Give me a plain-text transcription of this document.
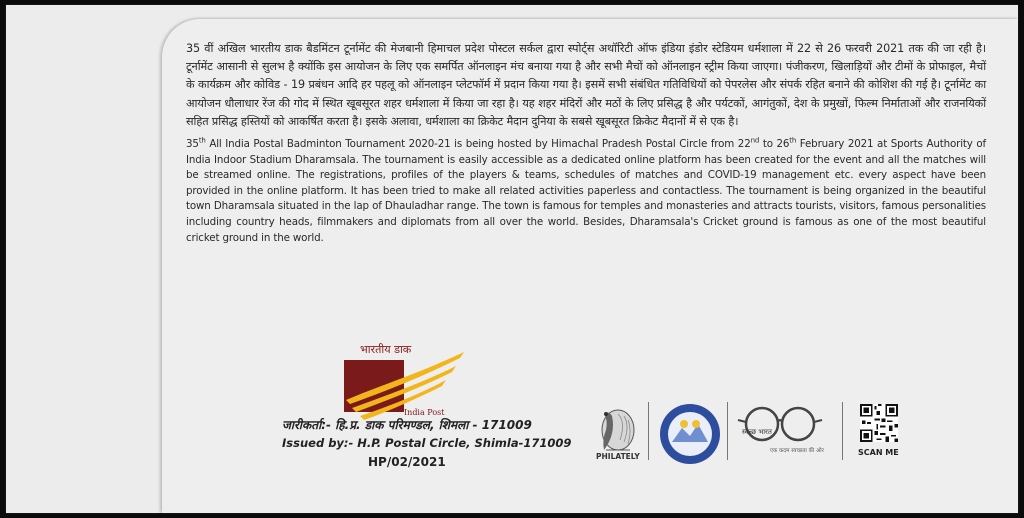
35 वीं अखिल भारतीय डाक बैडमिंटन टूर्नामेंट की मेजबानी हिमाचल प्रदेश पोस्टल सर्कल द्वारा स्पोर्ट्स अथॉरिटी ऑफ इंडिया इंडोर स्टेडियम धर्मशाला में 22 से 26 फरवरी 2021 तक की जा रही है। टूर्नामेंट आसानी से सुलभ है क्योंकि इस आयोजन के लिए एक समर्पित ऑनलाइन मंच बनाया गया है और सभी मैचों को ऑनलाइन स्ट्रीम किया जाएगा। पंजीकरण, खिलाड़ियों और टीमों के प्रोफाइल, मैचों के कार्यक्रम और कोविड - 19 प्रबंधन आदि हर पहलू को ऑनलाइन प्लेटफॉर्म में प्रदान किया गया है। इसमें सभी संबंधित गतिविधियों को पेपरलेस और संपर्क रहित बनाने की कोशिश की गई है। टूर्नामेंट का आयोजन धौलाधार रेंज की गोद में स्थित खूबसूरत शहर धर्मशाला में किया जा रहा है। यह शहर मंदिरों और मठों के लिए प्रसिद्ध है और पर्यटकों, आगंतुकों, देश के प्रमुखों, फिल्म निर्माताओं और राजनयिकों सहित प्रसिद्ध हस्तियों को आकर्षित करता है। इसके अलावा, धर्मशाला का क्रिकेट मैदान दुनिया के सबसे खूबसूरत क्रिकेट मैदानों में से एक है।

35th All India Postal Badminton Tournament 2020-21 is being hosted by Himachal Pradesh Postal Circle from 22nd to 26th February 2021 at Sports Authority of India Indoor Stadium Dharamsala. The tournament is easily accessible as a dedicated online platform has been created for the event and all the matches will be streamed online. The registrations, profiles of the players & teams, schedules of matches and COVID-19 management etc. every aspect have been provided in the online platform. It has been tried to make all related activities paperless and contactless. The tournament is being organized in the beautiful town Dharamsala situated in the lap of Dhauladhar range. The town is famous for temples and monasteries and attracts tourists, visitors, famous personalities including country heads, filmmakers and diplomats from all over the world. Besides, Dharamsala's Cricket ground is famous as one of the most beautiful cricket ground in the world.

भारतीय डाक
India Post
जारीकर्ता:- हि.प्र. डाक परिमण्डल, शिमला - 171009
Issued by:- H.P. Postal Circle, Shimla-171009
HP/02/2021	PHILATELY
स्वच्छ भारत
एक कदम स्वच्छता की ओर	SCAN ME
